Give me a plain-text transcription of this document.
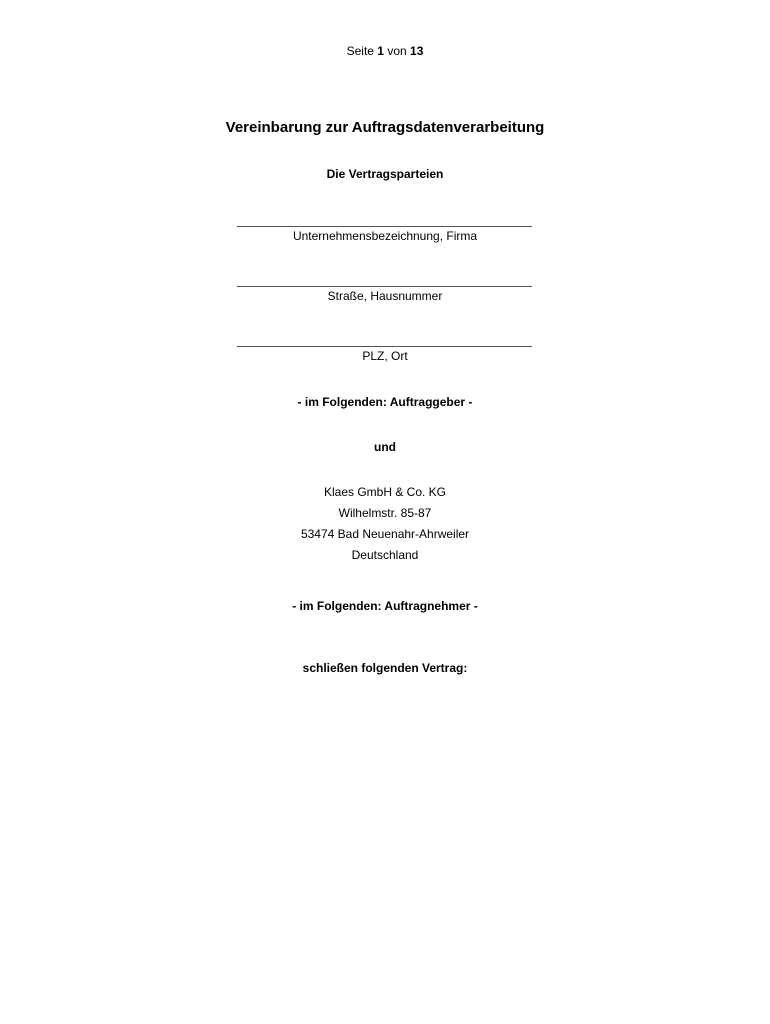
Seite 1 von 13
Vereinbarung zur Auftragsdatenverarbeitung
Die Vertragsparteien
Unternehmensbezeichnung, Firma
Straße, Hausnummer
PLZ, Ort
- im Folgenden: Auftraggeber -
und
Klaes GmbH & Co. KG
Wilhelmstr. 85-87
53474 Bad Neuenahr-Ahrweiler
Deutschland
- im Folgenden: Auftragnehmer -
schließen folgenden Vertrag:
